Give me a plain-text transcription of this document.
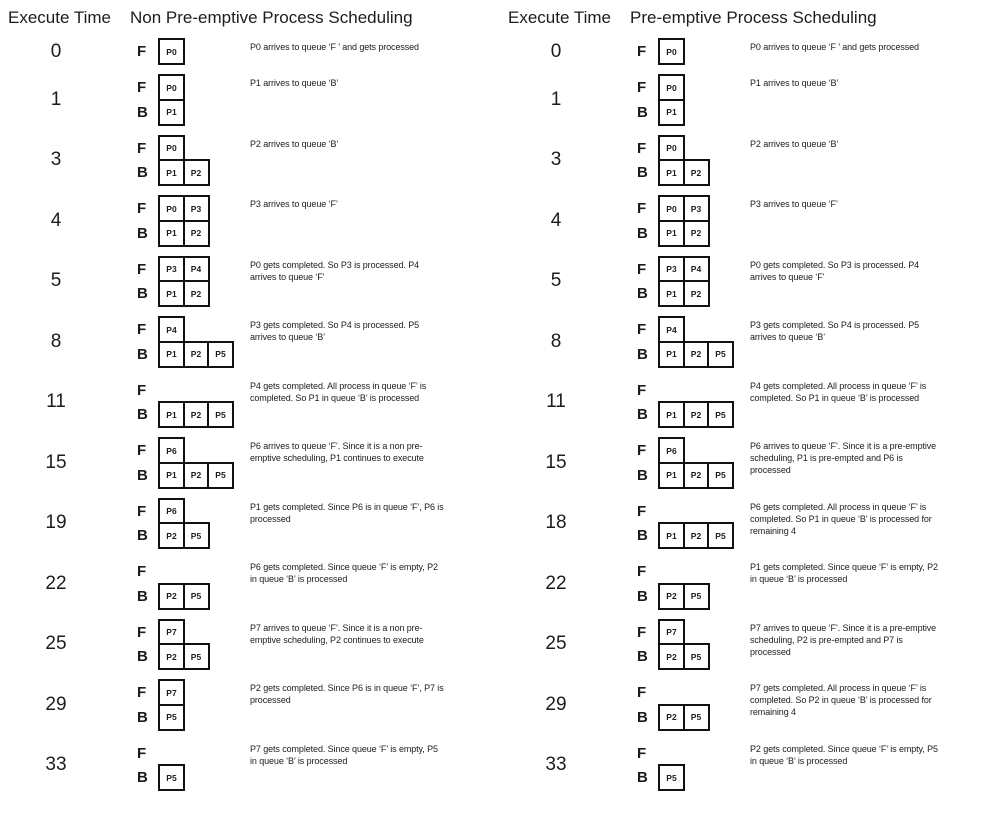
Execute Time	Non Pre-emptive Process Scheduling
0	F	P0	P0 arrives to queue ‘F ’ and gets processed
1
F	P0
B	P1
P1 arrives to queue ‘B’
3
F	P0
B	P1	P2
P2 arrives to queue ‘B’
4
F	P0	P3
B	P1	P2
P3 arrives to queue ‘F’
5
F	P3	P4
B	P1	P2
P0 gets completed. So P3 is processed. P4 arrives to queue ‘F’
8
F	P4
B	P1	P2	P5
P3 gets completed. So P4 is processed. P5 arrives to queue ‘B’
11
F
B	P1	P2	P5
P4 gets completed. All process in queue ‘F’ is completed. So P1 in queue ‘B’ is processed
15
F	P6
B	P1	P2	P5
P6 arrives to queue ‘F’. Since it is a non pre-emptive scheduling, P1 continues to execute
19
F	P6
B	P2	P5
P1 gets completed. Since P6 is in queue ‘F’, P6 is processed
22
F
B	P2	P5
P6 gets completed. Since queue ‘F’ is empty, P2 in queue ‘B’ is processed
25
F	P7
B	P2	P5
P7 arrives to queue ‘F’. Since it is a non pre-emptive scheduling, P2 continues to execute
29
F	P7
B	P5
P2 gets completed. Since P6 is in queue ‘F’, P7 is processed
33
F
B	P5
P7 gets completed. Since queue ‘F’ is empty, P5 in queue ‘B’ is processed
Execute Time	Pre-emptive Process Scheduling
0	F	P0	P0 arrives to queue ‘F ’ and gets processed
1
F	P0
B	P1
P1 arrives to queue ‘B’
3
F	P0
B	P1	P2
P2 arrives to queue ‘B’
4
F	P0	P3
B	P1	P2
P3 arrives to queue ‘F’
5
F	P3	P4
B	P1	P2
P0 gets completed. So P3 is processed. P4 arrives to queue ‘F’
8
F	P4
B	P1	P2	P5
P3 gets completed. So P4 is processed. P5 arrives to queue ‘B’
11
F
B	P1	P2	P5
P4 gets completed. All process in queue ‘F’ is completed. So P1 in queue ‘B’ is processed
15
F	P6
B	P1	P2	P5
P6 arrives to queue ‘F’. Since it is a pre-emptive scheduling, P1 is pre-empted and P6 is processed
18
F
B	P1	P2	P5
P6 gets completed. All process in queue ‘F’ is completed. So P1 in queue ‘B’ is processed for remaining 4
22
F
B	P2	P5
P1 gets completed. Since queue ‘F’ is empty, P2 in queue ‘B’ is processed
25
F	P7
B	P2	P5
P7 arrives to queue ‘F’. Since it is a pre-emptive scheduling, P2 is pre-empted and P7 is processed
29
F
B	P2	P5
P7 gets completed. All process in queue ‘F’ is completed. So P2 in queue ‘B’ is processed for remaining 4
33
F
B	P5
P2 gets completed. Since queue ‘F’ is empty, P5 in queue ‘B’ is processed
